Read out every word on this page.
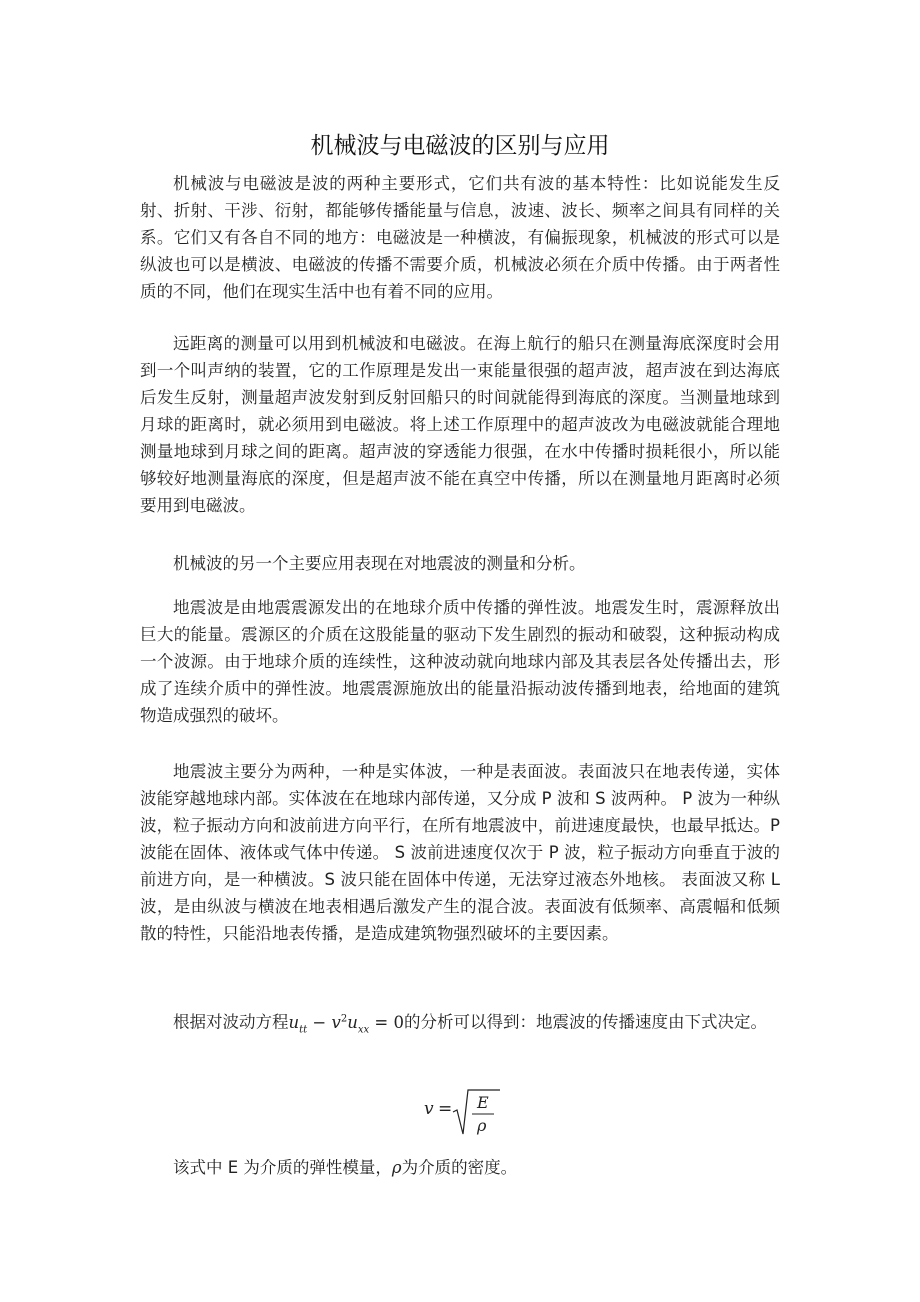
机械波与电磁波的区别与应用

机械波与电磁波是波的两种主要形式，它们共有波的基本特性：比如说能发生反射、折射、干涉、衍射，都能够传播能量与信息，波速、波长、频率之间具有同样的关系。它们又有各自不同的地方：电磁波是一种横波，有偏振现象，机械波的形式可以是纵波也可以是横波、电磁波的传播不需要介质，机械波必须在介质中传播。由于两者性质的不同，他们在现实生活中也有着不同的应用。

远距离的测量可以用到机械波和电磁波。在海上航行的船只在测量海底深度时会用到一个叫声纳的装置，它的工作原理是发出一束能量很强的超声波，超声波在到达海底后发生反射，测量超声波发射到反射回船只的时间就能得到海底的深度。当测量地球到月球的距离时，就必须用到电磁波。将上述工作原理中的超声波改为电磁波就能合理地测量地球到月球之间的距离。超声波的穿透能力很强，在水中传播时损耗很小，所以能够较好地测量海底的深度，但是超声波不能在真空中传播，所以在测量地月距离时必须要用到电磁波。

机械波的另一个主要应用表现在对地震波的测量和分析。

地震波是由地震震源发出的在地球介质中传播的弹性波。地震发生时，震源释放出巨大的能量。震源区的介质在这股能量的驱动下发生剧烈的振动和破裂，这种振动构成一个波源。由于地球介质的连续性，这种波动就向地球内部及其表层各处传播出去，形成了连续介质中的弹性波。地震震源施放出的能量沿振动波传播到地表，给地面的建筑物造成强烈的破坏。

地震波主要分为两种，一种是实体波，一种是表面波。表面波只在地表传递，实体波能穿越地球内部。实体波在在地球内部传递，又分成 P 波和 S 波两种。 P 波为一种纵波，粒子振动方向和波前进方向平行，在所有地震波中，前进速度最快，也最早抵达。P 波能在固体、液体或气体中传递。 S 波前进速度仅次于 P 波，粒子振动方向垂直于波的前进方向，是一种横波。S 波只能在固体中传递，无法穿过液态外地核。 表面波又称 L 波，是由纵波与横波在地表相遇后激发产生的混合波。表面波有低频率、高震幅和低频散的特性，只能沿地表传播，是造成建筑物强烈破坏的主要因素。

根据对波动方程$u_{tt} - v^2u_{xx} = 0$的分析可以得到：地震波的传播速度由下式决定。

v = E
ρ

该式中 E 为介质的弹性模量，ρ为介质的密度。
